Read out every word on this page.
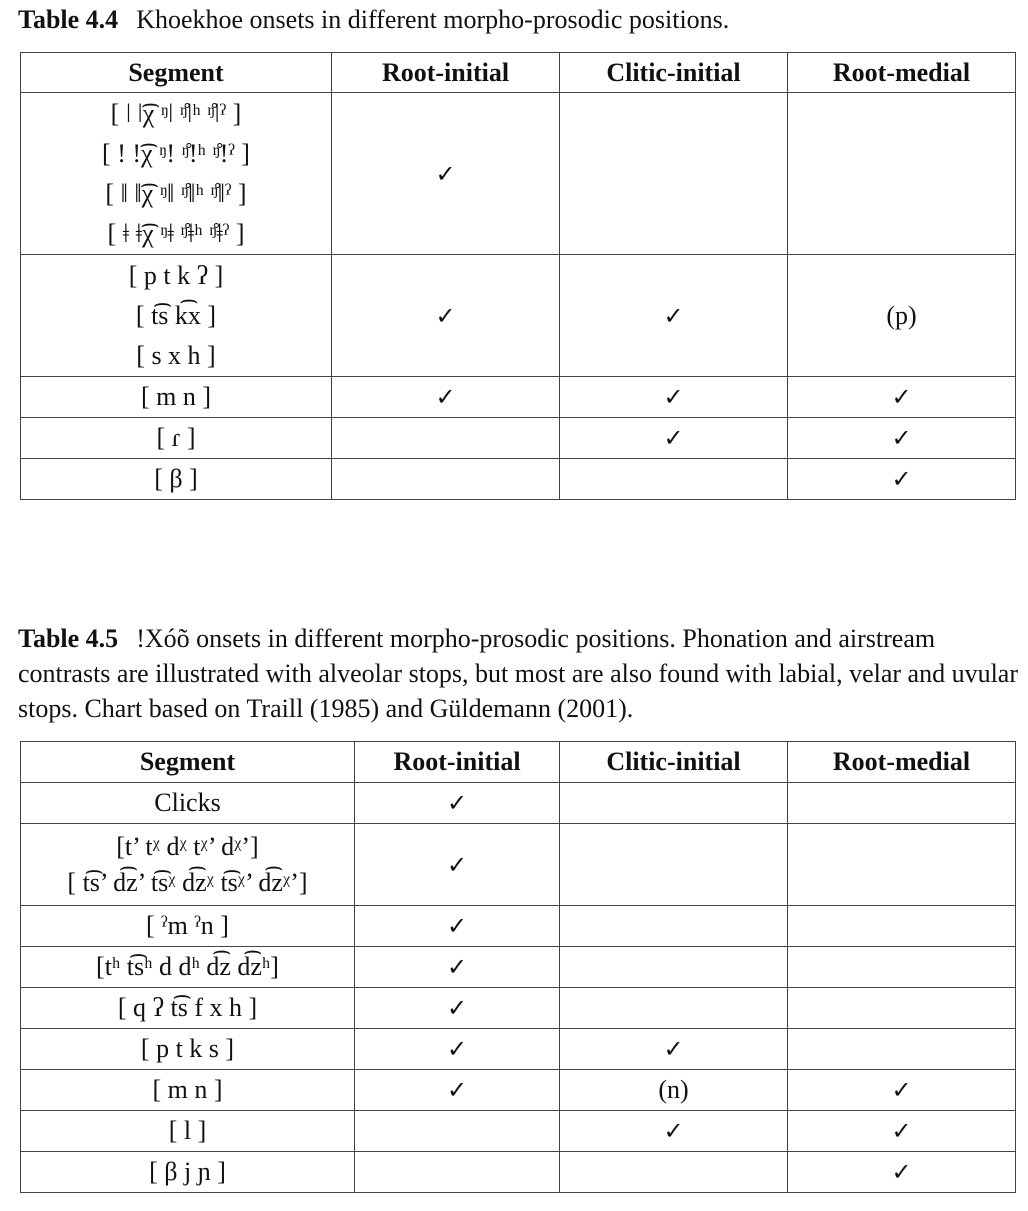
Table 4.4 Khoekhoe onsets in different morpho-prosodic positions.
Segment	Root-initial	Clitic-initial	Root-medial

[ ǀ ǀ͡χ ᵑǀ ᵑ̊ǀʰ ᵑ̊ǀˀ ]
[ ǃ ǃ͡χ ᵑǃ ᵑ̊ǃʰ ᵑ̊ǃˀ ]
[ ǁ ǁ͡χ ᵑǁ ᵑ̊ǁʰ ᵑ̊ǁˀ ]
[ ǂ ǂ͡χ ᵑǂ ᵑ̊ǂʰ ᵑ̊ǂˀ ]	✓		

[ p t k ʔ ]
[ t͡s k͡x ]
[ s x h ]	✓	✓	(p)
[ m n ]	✓	✓	✓
[ ɾ ]		✓	✓
[ β ]			✓
Table 4.5 !Xóõ onsets in different morpho-prosodic positions. Phonation and airstream contrasts are illustrated with alveolar stops, but most are also found with labial, velar and uvular stops. Chart based on Traill (1985) and Güldemann (2001).
Segment	Root-initial	Clitic-initial	Root-medial
Clicks	✓		

[t’ tᵡ dᵡ tᵡ’ dᵡ’]
[ t͡s’ d͡z’ t͡sᵡ d͡zᵡ t͡sᵡ’ d͡zᵡ’]	✓		
[ ˀm ˀn ]	✓		
[tʰ t͡sʰ d dʰ d͡z d͡zʰ]	✓		
[ q ʔ t͡s f x h ]	✓		
[ p t k s ]	✓	✓	
[ m n ]	✓	(n)	✓
[ l ]		✓	✓
[ β j ɲ ]			✓
